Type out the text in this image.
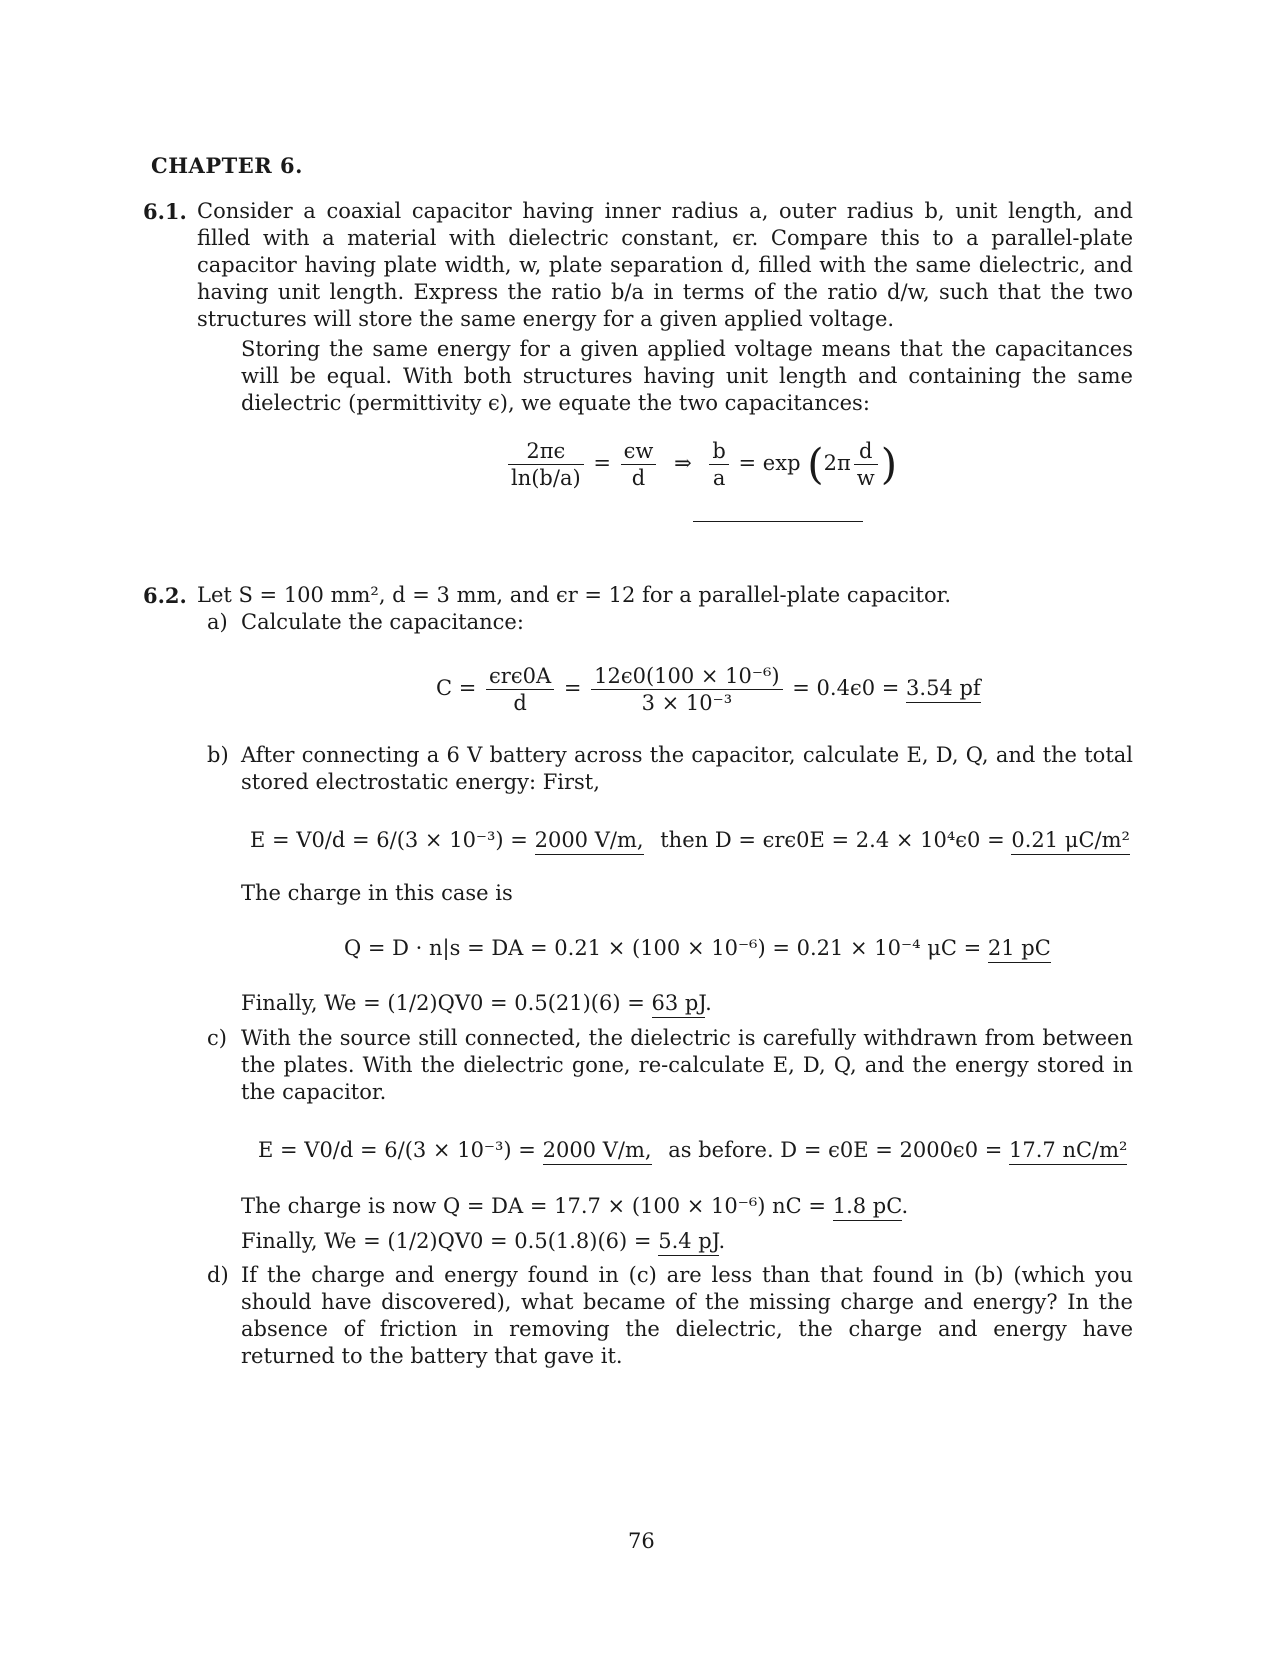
CHAPTER 6.
6.1. Consider a coaxial capacitor having inner radius a, outer radius b, unit length, and filled with a material with dielectric constant, ϵr. Compare this to a parallel-plate capacitor having plate width, w, plate separation d, filled with the same dielectric, and having unit length. Express the ratio b/a in terms of the ratio d/w, such that the two structures will store the same energy for a given applied voltage.
Storing the same energy for a given applied voltage means that the capacitances will be equal. With both structures having unit length and containing the same dielectric (permittivity ϵ), we equate the two capacitances:
$\frac{2\pi\epsilon}{\ln(b/a)} = \frac{\epsilon w}{d}$ ⇒ $\frac{b}{a} = \exp (2\pi \frac{d}{w}$ )
6.2. Let S = 100 mm², d = 3 mm, and ϵr = 12 for a parallel-plate capacitor.
a) Calculate the capacitance:
$C = \frac{\text{ϵrϵ0A}}{d} = \frac{\text{12ϵ0(100 × 10⁻⁶)}}{\text{3 × 10⁻³}} = 0.4\epsilon 0 = 3.54$ pf
b) After connecting a 6 V battery across the capacitor, calculate E, D, Q, and the total stored electrostatic energy: First,
E = V0/d = 6/(3 × 10⁻³) = 2000 V/m, then D = ϵrϵ0E = 2.4 × 10⁴ϵ0 = 0.21 μC/m²
The charge in this case is
Q = D · n|s = DA = 0.21 × (100 × 10⁻⁶) = 0.21 × 10⁻⁴ μC = 21 pC
Finally, We = (1/2)QV0 = 0.5(21)(6) = 63 pJ.
c) With the source still connected, the dielectric is carefully withdrawn from between the plates. With the dielectric gone, re-calculate E, D, Q, and the energy stored in the capacitor.
E = V0/d = 6/(3 × 10⁻³) = 2000 V/m, as before. D = ϵ0E = 2000ϵ0 = 17.7 nC/m²
The charge is now Q = DA = 17.7 × (100 × 10⁻⁶) nC = 1.8 pC.
Finally, We = (1/2)QV0 = 0.5(1.8)(6) = 5.4 pJ.
d) If the charge and energy found in (c) are less than that found in (b) (which you should have discovered), what became of the missing charge and energy? In the absence of friction in removing the dielectric, the charge and energy have returned to the battery that gave it.
76
